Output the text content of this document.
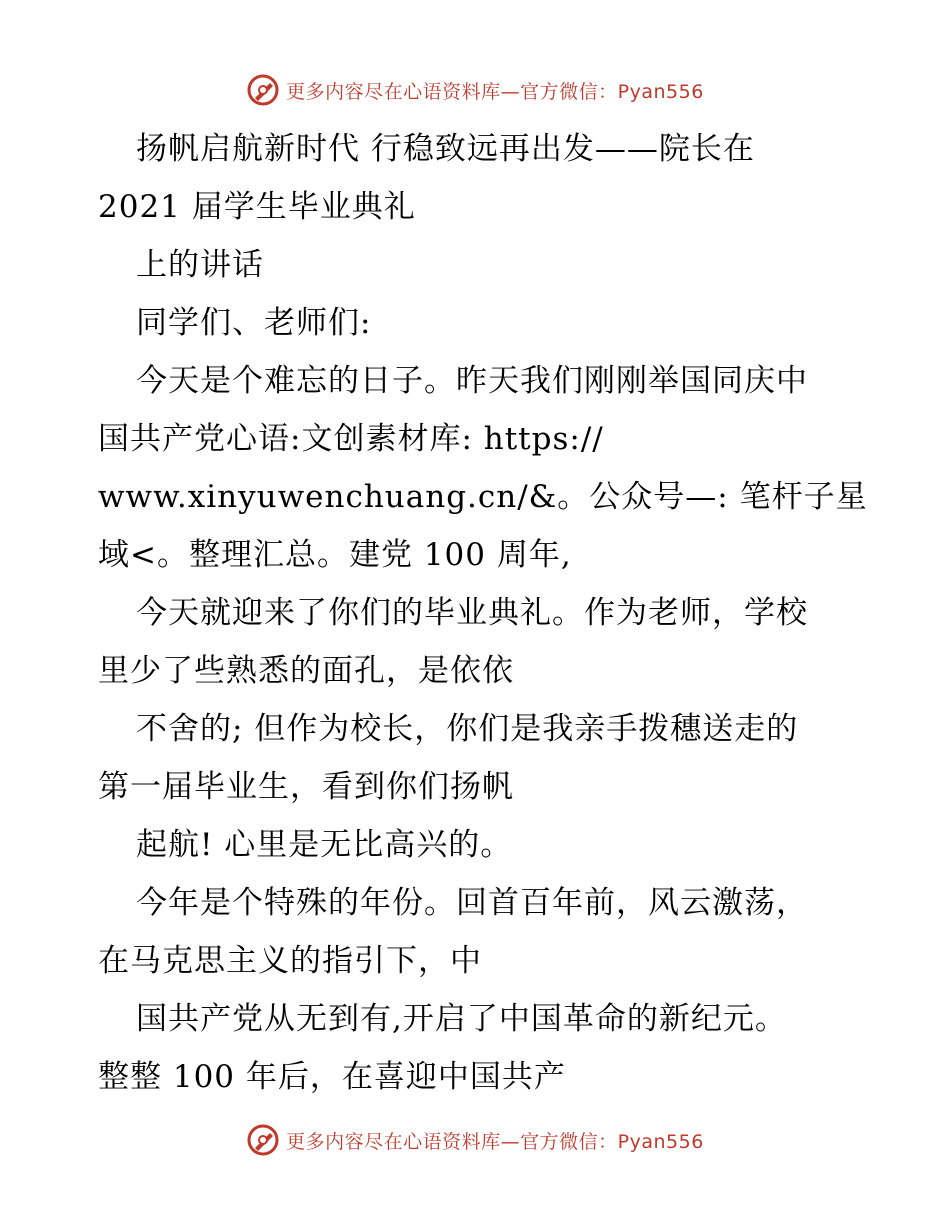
更多内容尽在心语资料库—官方微信：Pyan556
扬帆启航新时代 行稳致远再出发——院长在
2021 届学生毕业典礼
上的讲话
同学们、老师们:
今天是个难忘的日子。昨天我们刚刚举国同庆中
国共产党心语:文创素材库: https://
www.xinyuwenchuang.cn/&。公众号—: 笔杆子星
域<。整理汇总。建党 100 周年,
今天就迎来了你们的毕业典礼。作为老师，学校
里少了些熟悉的面孔，是依依
不舍的; 但作为校长，你们是我亲手拨穗送走的
第一届毕业生，看到你们扬帆
起航! 心里是无比高兴的。
今年是个特殊的年份。回首百年前，风云激荡，
在马克思主义的指引下，中
国共产党从无到有,开启了中国革命的新纪元。
整整 100 年后，在喜迎中国共产
更多内容尽在心语资料库—官方微信：Pyan556
